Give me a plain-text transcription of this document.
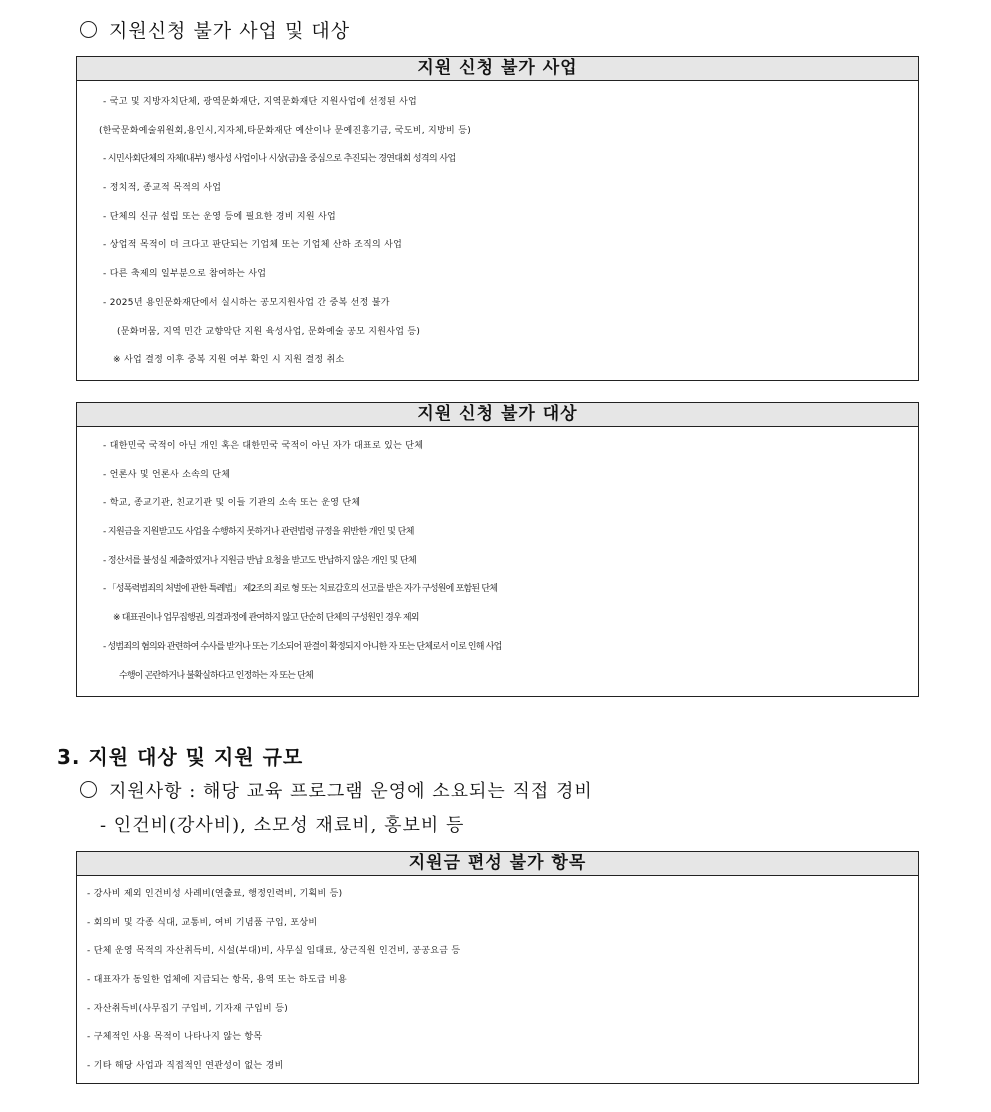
지원신청 불가 사업 및 대상
지원 신청 불가 사업
- 국고 및 지방자치단체, 광역문화재단, 지역문화재단 지원사업에 선정된 사업
(한국문화예술위원회,용인시,지자체,타문화재단 예산이나 문예진흥기금, 국도비, 지방비 등)
- 시민사회단체의 자체(내부) 행사성 사업이나 시상(금)을 중심으로 추진되는 경연대회 성격의 사업
- 정치적, 종교적 목적의 사업
- 단체의 신규 설립 또는 운영 등에 필요한 경비 지원 사업
- 상업적 목적이 더 크다고 판단되는 기업체 또는 기업체 산하 조직의 사업
- 다른 축제의 일부분으로 참여하는 사업
- 2025년 용인문화재단에서 실시하는 공모지원사업 간 중복 선정 불가
(문화머뭄, 지역 민간 교향악단 지원 육성사업, 문화예술 공모 지원사업 등)
※ 사업 결정 이후 중복 지원 여부 확인 시 지원 결정 취소
지원 신청 불가 대상
- 대한민국 국적이 아닌 개인 혹은 대한민국 국적이 아닌 자가 대표로 있는 단체
- 언론사 및 언론사 소속의 단체
- 학교, 종교기관, 친교기관 및 이들 기관의 소속 또는 운영 단체
- 지원금을 지원받고도 사업을 수행하지 못하거나 관련법령 규정을 위반한 개인 및 단체
- 정산서를 불성실 제출하였거나 지원금 반납 요청을 받고도 반납하지 않은 개인 및 단체
- 「성폭력범죄의 처벌에 관한 특례법」 제2조의 죄로 형 또는 치료감호의 선고를 받은 자가 구성원에 포함된 단체
※ 대표권이나 업무집행권, 의결과정에 관여하지 않고 단순히 단체의 구성원인 경우 제외
- 성범죄의 혐의와 관련하여 수사를 받거나 또는 기소되어 판결이 확정되지 아니한 자 또는 단체로서 이로 인해 사업
수행이 곤란하거나 불확실하다고 인정하는 자 또는 단체
3. 지원 대상 및 지원 규모
지원사항 : 해당 교육 프로그램 운영에 소요되는 직접 경비
- 인건비(강사비), 소모성 재료비, 홍보비 등
지원금 편성 불가 항목
- 강사비 제외 인건비성 사례비(연출료, 행정인력비, 기획비 등)
- 회의비 및 각종 식대, 교통비, 여비 기념품 구입, 포상비
- 단체 운영 목적의 자산취득비, 시설(부대)비, 사무실 임대료, 상근직원 인건비, 공공요금 등
- 대표자가 동일한 업체에 지급되는 항목, 용역 또는 하도급 비용
- 자산취득비(사무집기 구입비, 기자재 구입비 등)
- 구체적인 사용 목적이 나타나지 않는 항목
- 기타 해당 사업과 직접적인 연관성이 없는 경비
